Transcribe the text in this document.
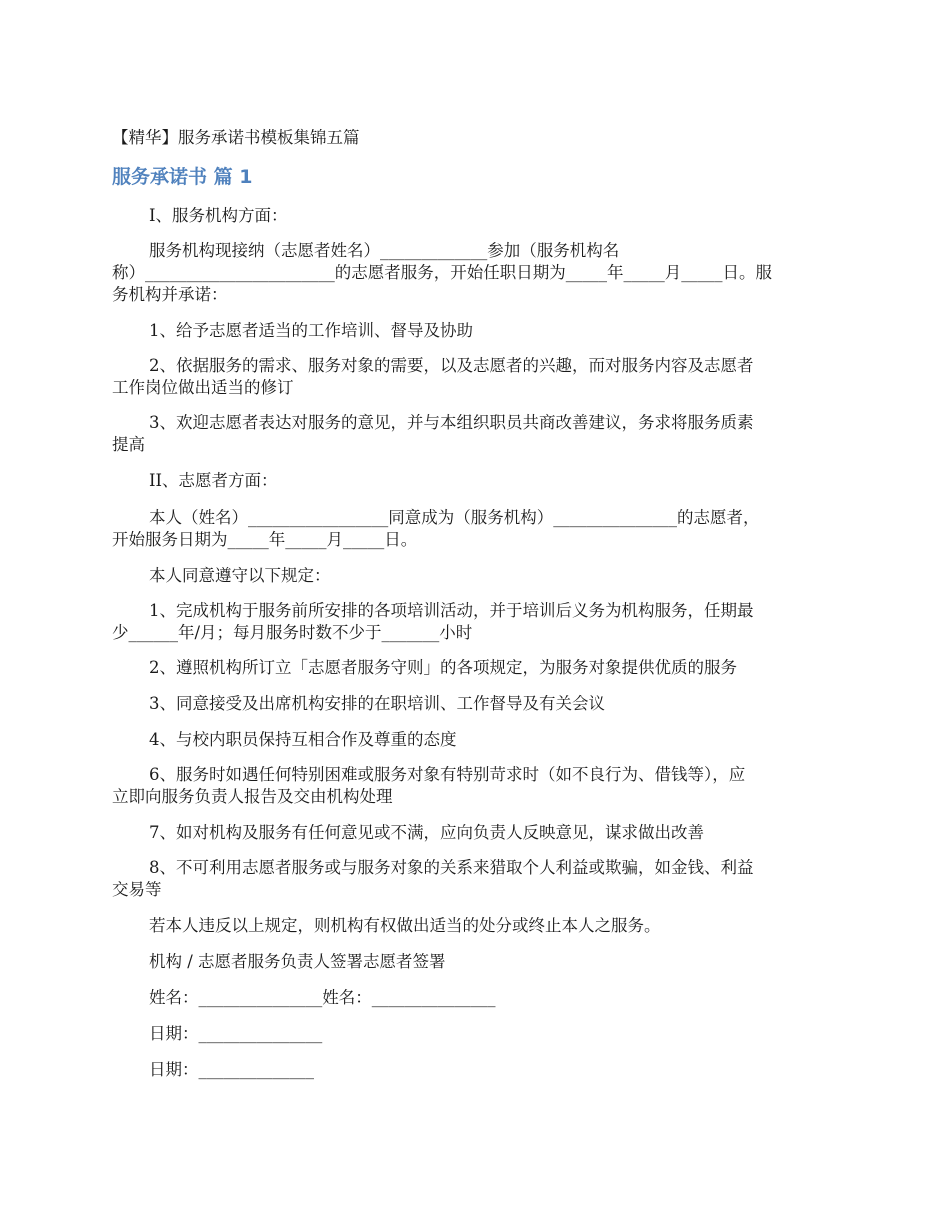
【精华】服务承诺书模板集锦五篇
服务承诺书 篇 1
I、服务机构方面：
服务机构现接纳（志愿者姓名）_____________参加（服务机构名
称）_______________________的志愿者服务，开始任职日期为_____年_____月_____日。服
务机构并承诺：
1、给予志愿者适当的工作培训、督导及协助
2、依据服务的需求、服务对象的需要，以及志愿者的兴趣，而对服务内容及志愿者
工作岗位做出适当的修订
3、欢迎志愿者表达对服务的意见，并与本组织职员共商改善建议，务求将服务质素
提高
II、志愿者方面：
本人（姓名）_________________同意成为（服务机构）_______________的志愿者，
开始服务日期为_____年_____月_____日。
本人同意遵守以下规定：
1、完成机构于服务前所安排的各项培训活动，并于培训后义务为机构服务，任期最
少______年/月；每月服务时数不少于_______小时
2、遵照机构所订立「志愿者服务守则」的各项规定，为服务对象提供优质的服务
3、同意接受及出席机构安排的在职培训、工作督导及有关会议
4、与校内职员保持互相合作及尊重的态度
6、服务时如遇任何特别困难或服务对象有特别苛求时（如不良行为、借钱等），应
立即向服务负责人报告及交由机构处理
7、如对机构及服务有任何意见或不满，应向负责人反映意见，谋求做出改善
8、不可利用志愿者服务或与服务对象的关系来猎取个人利益或欺骗，如金钱、利益
交易等
若本人违反以上规定，则机构有权做出适当的处分或终止本人之服务。
机构 / 志愿者服务负责人签署志愿者签署
姓名：_______________姓名：_______________
日期：_______________
日期：______________
